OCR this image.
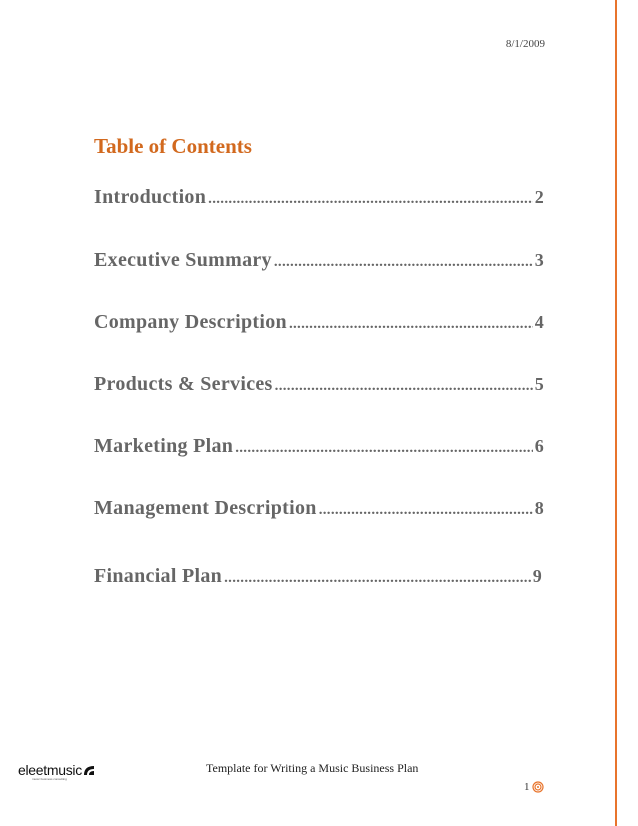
8/1/2009
Table of Contents
Introduction .....	2
Executive Summary .....	3
Company Description .....	4
Products & Services .....	5
Marketing Plan .....	6
Management Description .....	8
Financial Plan .....	9
eleetmusic
music business consulting
Template for Writing a Music Business Plan
1
